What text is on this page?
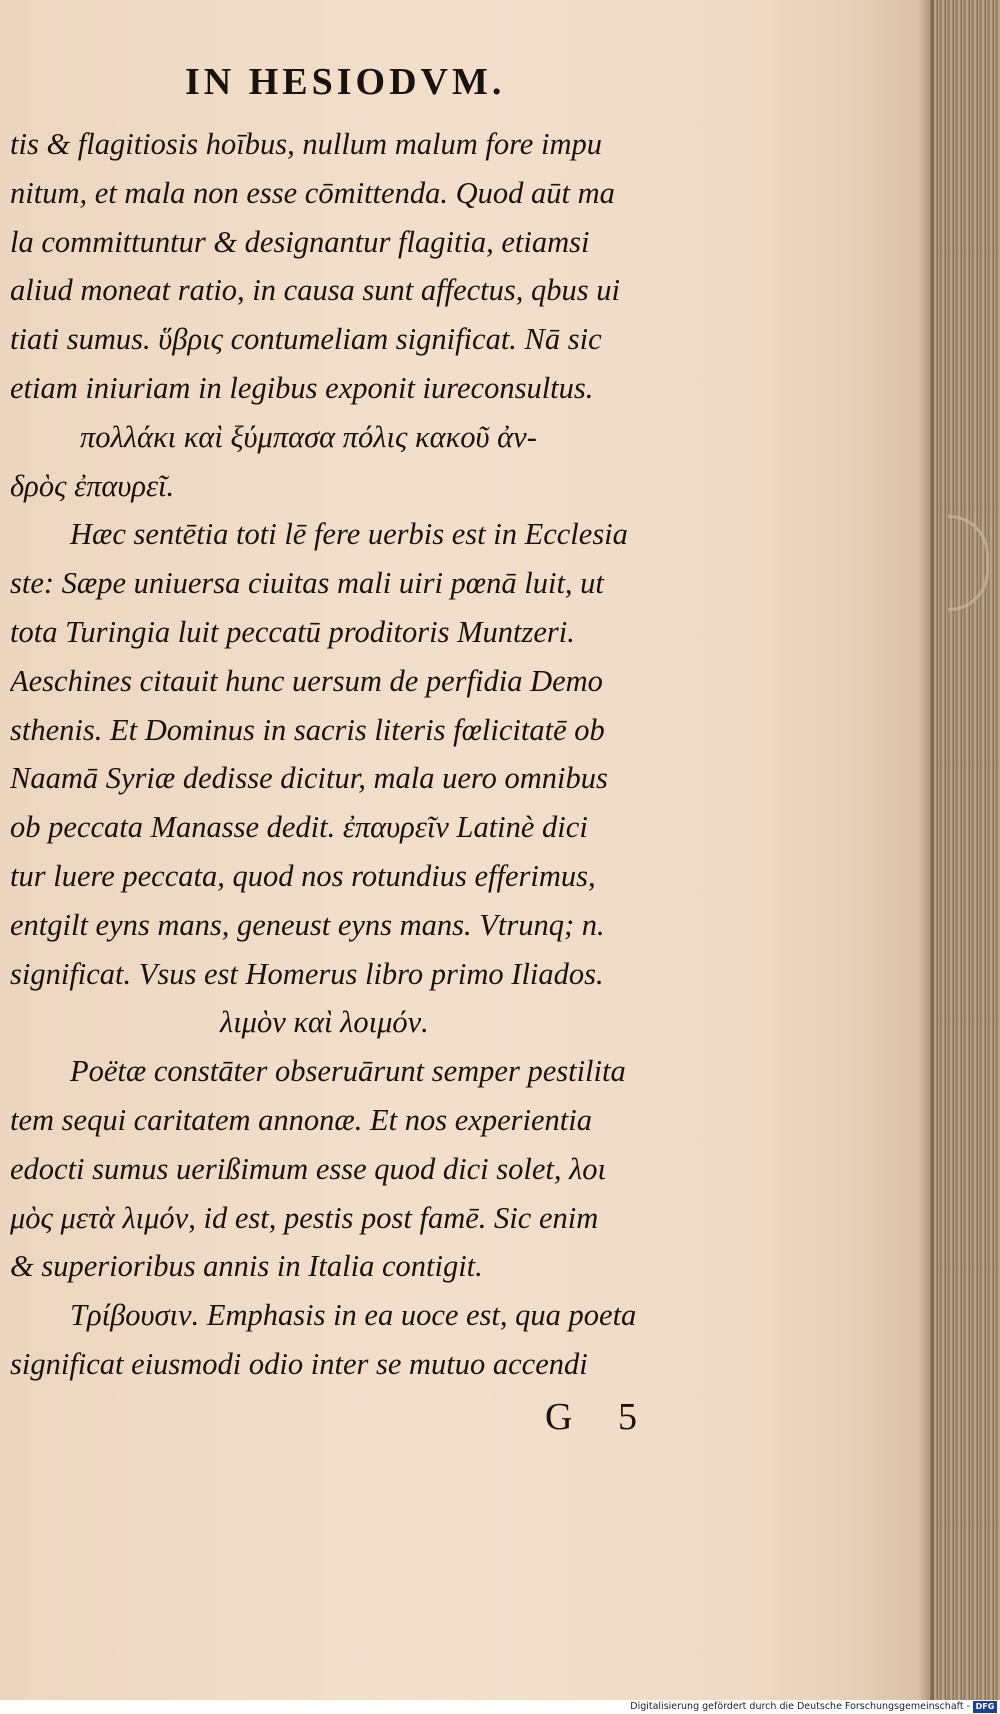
IN HESIODVM.
tis & flagitiosis hoībus, nullum malum fore impu
nitum, et mala non esse cōmittenda. Quod aūt ma
la committuntur & designantur flagitia, etiamsi
aliud moneat ratio, in causa sunt affectus, qbus ui
tiati sumus. ὕβρις contumeliam significat. Nā sic
etiam iniuriam in legibus exponit iureconsultus.
πολλάκι καὶ ξύμπασα πόλις κακοῦ ἀν-
δρὸς ἐπαυρεῖ.
Hæc sentētia toti lē fere uerbis est in Ecclesia
ste: Sæpe uniuersa ciuitas mali uiri pœnā luit, ut
tota Turingia luit peccatū proditoris Muntzeri.
Aeschines citauit hunc uersum de perfidia Demo
sthenis. Et Dominus in sacris literis fœlicitatē ob
Naamā Syriæ dedisse dicitur, mala uero omnibus
ob peccata Manasse dedit. ἐπαυρεῖν Latinè dici
tur luere peccata, quod nos rotundius efferimus,
entgilt eyns mans, geneust eyns mans. Vtrunq; n.
significat. Vsus est Homerus libro primo Iliados.
λιμὸν καὶ λοιμόν.
Poëtæ constāter obseruārunt semper pestilita
tem sequi caritatem annonæ. Et nos experientia
edocti sumus uerißimum esse quod dici solet, λοι
μὸς μετὰ λιμόν, id est, pestis post famē. Sic enim
& superioribus annis in Italia contigit.
Τρίβουσιν. Emphasis in ea uoce est, qua poeta
significat eiusmodi odio inter se mutuo accendi
G 5
Digitalisierung gefördert durch die Deutsche Forschungsgemeinschaft - DFG
